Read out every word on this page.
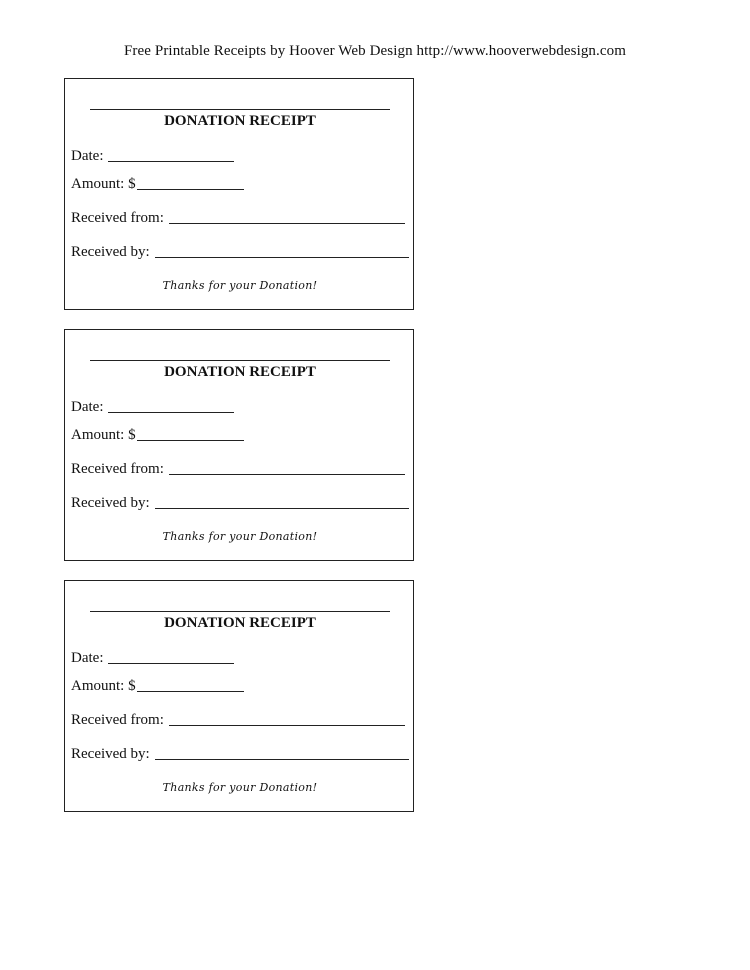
Free Printable Receipts by Hoover Web Design http://www.hooverwebdesign.com
DONATION RECEIPT
Date:
Amount: $
Received from:
Received by:
Thanks for your Donation!
DONATION RECEIPT
Date:
Amount: $
Received from:
Received by:
Thanks for your Donation!
DONATION RECEIPT
Date:
Amount: $
Received from:
Received by:
Thanks for your Donation!
